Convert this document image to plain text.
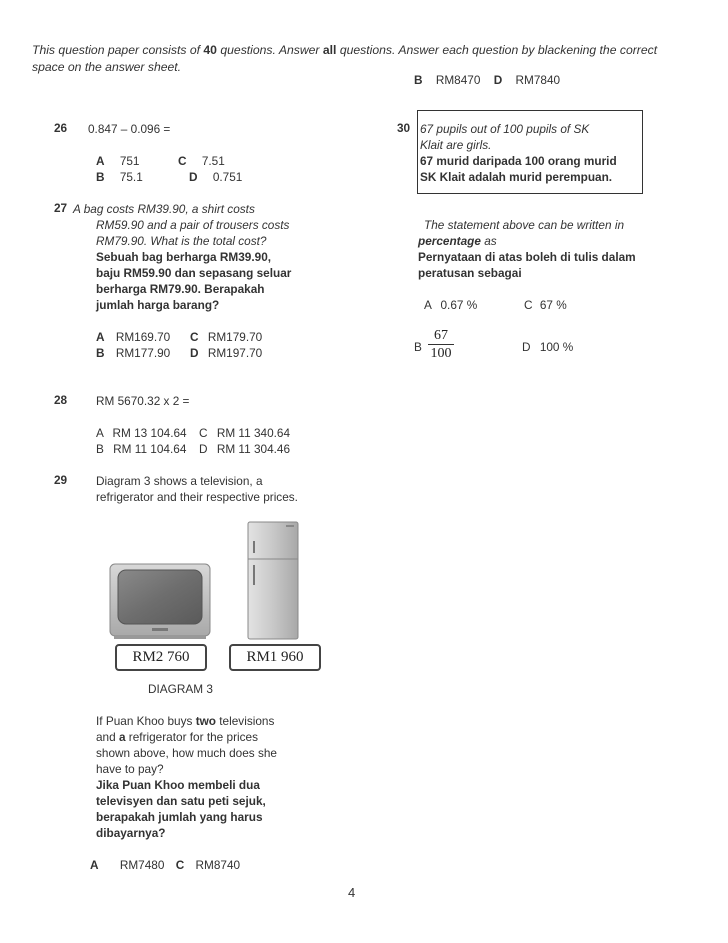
This question paper consists of 40 questions. Answer all questions. Answer each question by blackening the correct space on the answer sheet.
B RM8470 D RM7840
26 0.847 – 0.096 =
A 751	C 7.51
B 75.1	D 0.751
27 A bag costs RM39.90, a shirt costs
RM59.90 and a pair of trousers costs
RM79.90. What is the total cost?
Sebuah bag berharga RM39.90,
baju RM59.90 dan sepasang seluar
berharga RM79.90. Berapakah
jumlah harga barang?
A RM169.70 C RM179.70
B RM177.90 D RM197.70
28 RM 5670.32 x 2 =
A RM 13 104.64 C RM 11 340.64
B RM 11 104.64 D RM 11 304.46
29 Diagram 3 shows a television, a
refrigerator and their respective prices.
RM2 760	RM1 960
DIAGRAM 3
If Puan Khoo buys two televisions
and a refrigerator for the prices
shown above, how much does she
have to pay?
Jika Puan Khoo membeli dua
televisyen dan satu peti sejuk,
berapakah jumlah yang harus
dibayarnya?
A RM7480 C RM8740
30 67 pupils out of 100 pupils of SK
Klait are girls.
67 murid daripada 100 orang murid
SK Klait adalah murid perempuan.
The statement above can be written in
percentage as
Pernyataan di atas boleh di tulis dalam
peratusan sebagai
A 0.67 %	C 67 %
B $\frac{67}{100}$	D 100 %
4
